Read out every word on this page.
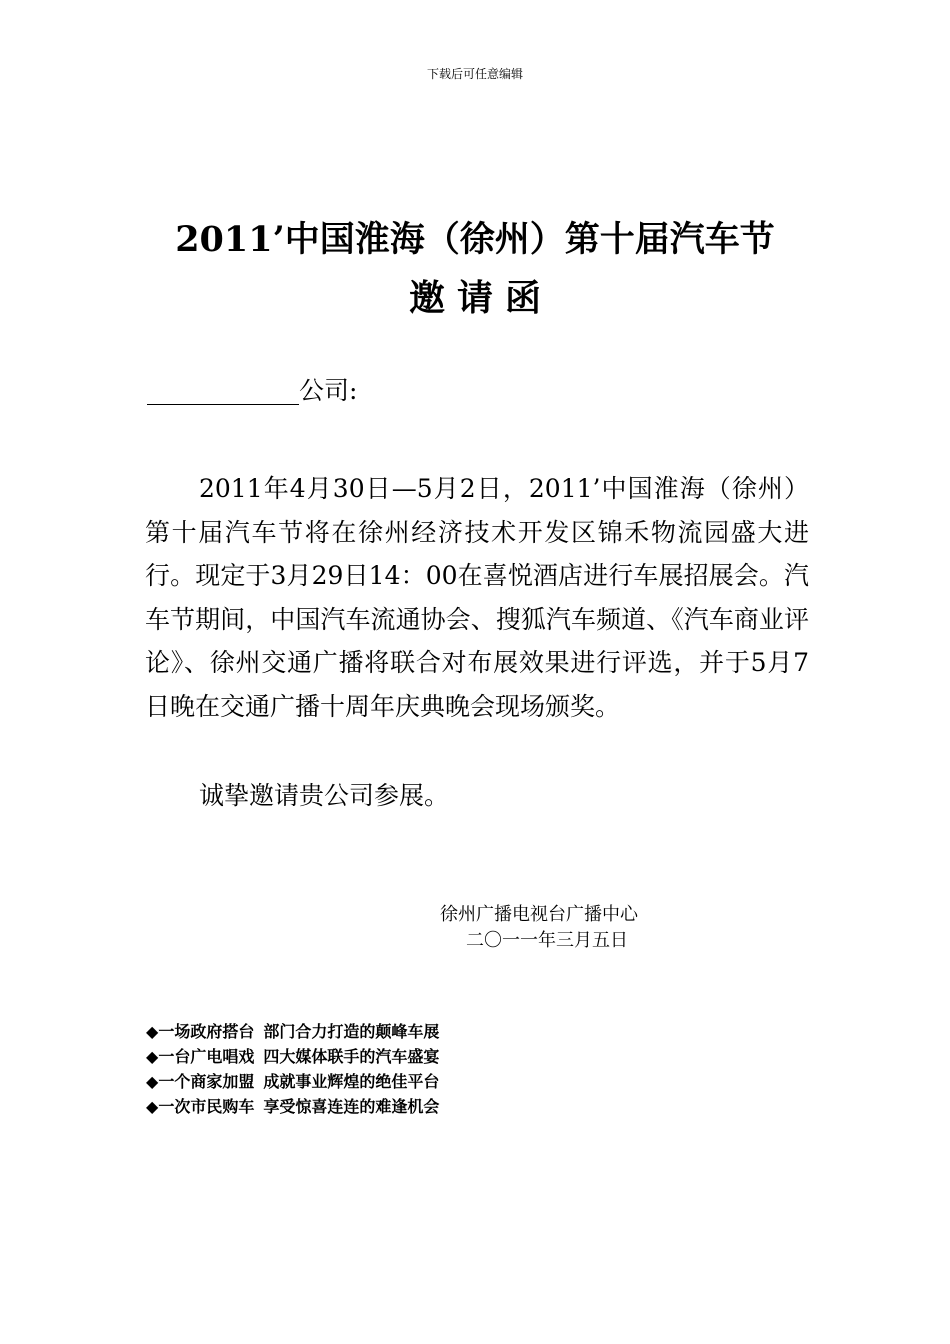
下载后可任意编辑
2011’中国淮海（徐州）第十届汽车节
邀请函
公司:

2011年4月30日—5月2日，2011’中国淮海（徐州）第十届汽车节将在徐州经济技术开发区锦禾物流园盛大进行。现定于3月29日14：00在喜悦酒店进行车展招展会。汽车节期间，中国汽车流通协会、搜狐汽车频道、《汽车商业评论》、徐州交通广播将联合对布展效果进行评选，并于5月7日晚在交通广播十周年庆典晚会现场颁奖。

诚挚邀请贵公司参展。
徐州广播电视台广播中心
二〇一一年三月五日
◆一场政府搭台 部门合力打造的颠峰车展
◆一台广电唱戏 四大媒体联手的汽车盛宴
◆一个商家加盟 成就事业辉煌的绝佳平台
◆一次市民购车 享受惊喜连连的难逢机会
